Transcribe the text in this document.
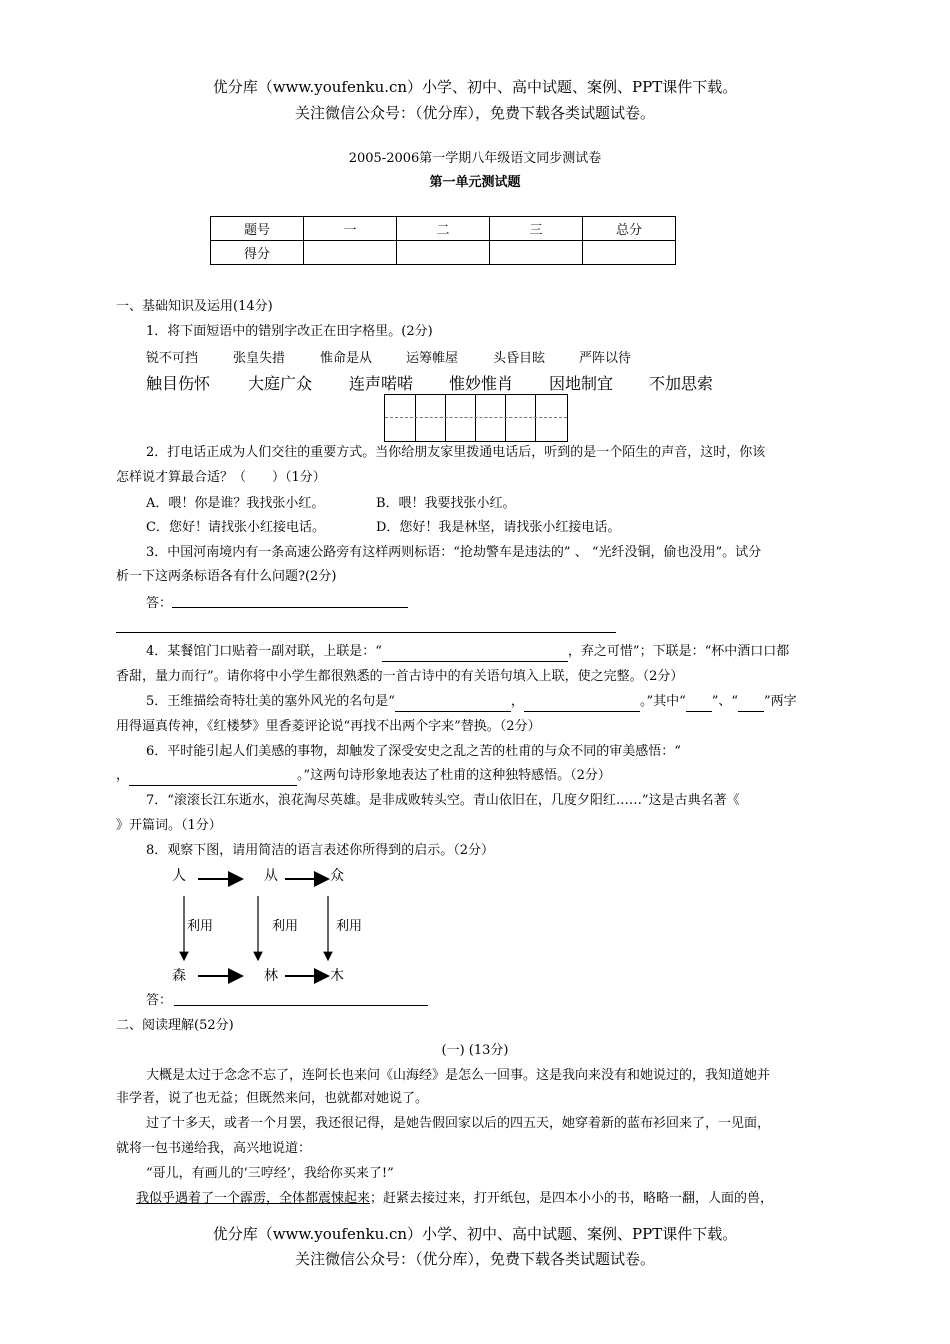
优分库（www.youfenku.cn）小学、初中、高中试题、案例、PPT课件下载。
关注微信公众号：（优分库），免费下载各类试题试卷。
2005-2006第一学期八年级语文同步测试卷
第一单元测试题
题号	一	二	三	总分
得分				
一、基础知识及运用(14分)
1．将下面短语中的错别字改正在田字格里。(2分)
锐不可挡	张皇失措	惟命是从	运筹帷屋	头昏目眩	严阵以待
触目伤怀 大庭广众 连声喏喏 惟妙惟肖 因地制宜 不加思索
2．打电话正成为人们交往的重要方式。当你给朋友家里拨通电话后，听到的是一个陌生的声音，这时，你该
怎样说才算最合适？（　　）（1分）
A．喂！你是谁？我找张小红。	B．喂！我要找张小红。
C．您好！请找张小红接电话。	D．您好！我是林坚，请找张小红接电话。
3．中国河南境内有一条高速公路旁有这样两则标语：“抢劫警车是违法的” 、 “光纤没铜，偷也没用”。试分
析一下这两条标语各有什么问题?(2分)
答：
4．某餐馆门口贴着一副对联，上联是：“	，弃之可惜”；下联是：“杯中酒口口都
香甜，量力而行”。请你将中小学生都很熟悉的一首古诗中的有关语句填入上联，使之完整。（2分）
5．王维描绘奇特壮美的塞外风光的名句是“	，	。”其中“ ”、“ ”两字
用得逼真传神，《红楼梦》里香菱评论说“再找不出两个字来”替换。（2分）
6．平时能引起人们美感的事物，却触发了深受安史之乱之苦的杜甫的与众不同的审美感悟：“
，	。”这两句诗形象地表达了杜甫的这种独特感悟。（2分）
7．“滚滚长江东逝水，浪花淘尽英雄。是非成败转头空。青山依旧在，几度夕阳红……”这是古典名著《
》开篇词。（1分）
8．观察下图，请用简洁的语言表述你所得到的启示。（2分）
人	从	众
利用	利用	利用
森	林	木
答：
二、阅读理解(52分)
(一) (13分)
大概是太过于念念不忘了，连阿长也来问《山海经》是怎么一回事。这是我向来没有和她说过的，我知道她并
非学者，说了也无益；但既然来问，也就都对她说了。
过了十多天，或者一个月罢，我还很记得，是她告假回家以后的四五天，她穿着新的蓝布衫回来了，一见面，
就将一包书递给我，高兴地说道：
“哥儿，有画儿的‘三哼经’，我给你买来了!”
我似乎遇着了一个霹雳，全体都震悚起来；赶紧去接过来，打开纸包，是四本小小的书，略略一翻，人面的兽，
优分库（www.youfenku.cn）小学、初中、高中试题、案例、PPT课件下载。
关注微信公众号：（优分库），免费下载各类试题试卷。
